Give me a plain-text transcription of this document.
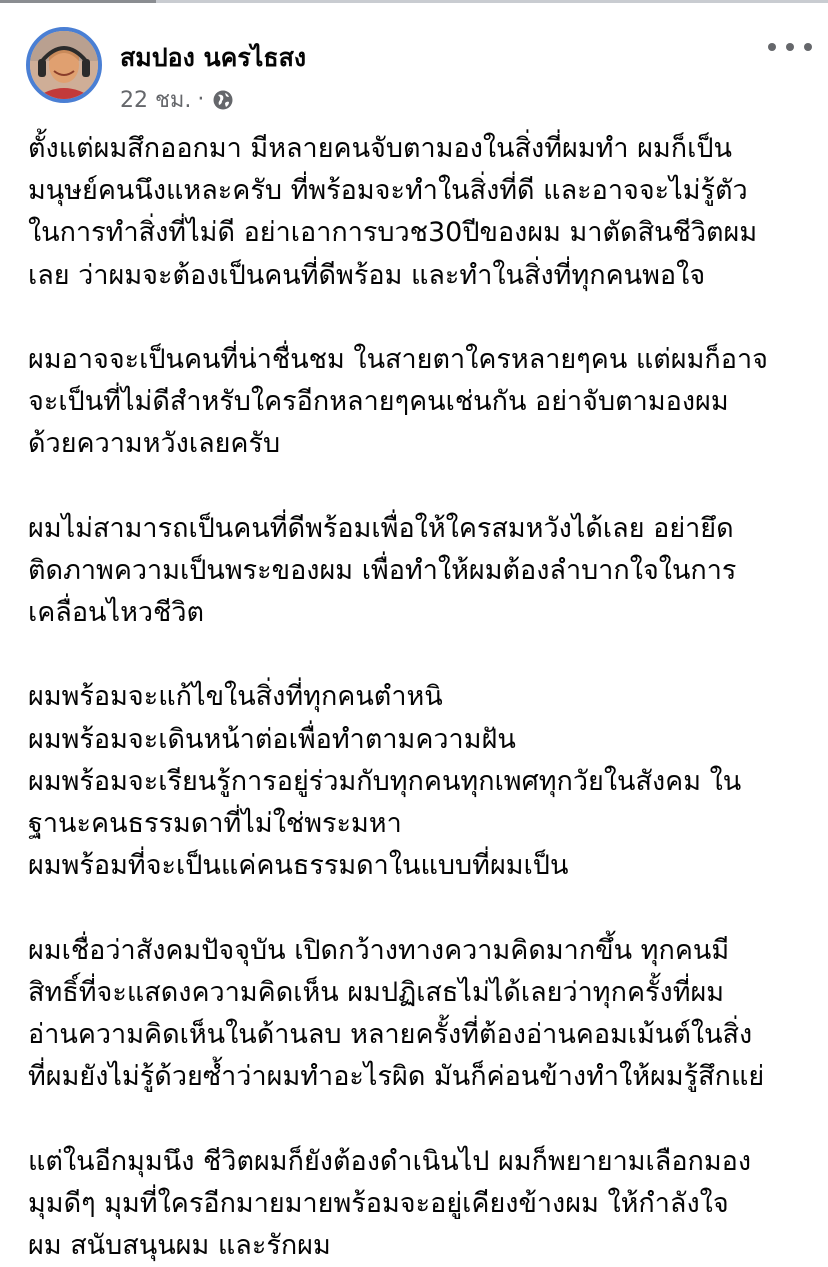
สมปอง นครไธสง
22 ชม. ·
ตั้งแต่ผมสึกออกมา มีหลายคนจับตามองในสิ่งที่ผมทำ ผมก็เป็น
มนุษย์คนนึงแหละครับ ที่พร้อมจะทำในสิ่งที่ดี และอาจจะไม่รู้ตัว
ในการทำสิ่งที่ไม่ดี อย่าเอาการบวช30ปีของผม มาตัดสินชีวิตผม
เลย ว่าผมจะต้องเป็นคนที่ดีพร้อม และทำในสิ่งที่ทุกคนพอใจ
ผมอาจจะเป็นคนที่น่าชื่นชม ในสายตาใครหลายๆคน แต่ผมก็อาจ
จะเป็นที่ไม่ดีสำหรับใครอีกหลายๆคนเช่นกัน อย่าจับตามองผม
ด้วยความหวังเลยครับ
ผมไม่สามารถเป็นคนที่ดีพร้อมเพื่อให้ใครสมหวังได้เลย อย่ายึด
ติดภาพความเป็นพระของผม เพื่อทำให้ผมต้องลำบากใจในการ
เคลื่อนไหวชีวิต
ผมพร้อมจะแก้ไขในสิ่งที่ทุกคนตำหนิ
ผมพร้อมจะเดินหน้าต่อเพื่อทำตามความฝัน
ผมพร้อมจะเรียนรู้การอยู่ร่วมกับทุกคนทุกเพศทุกวัยในสังคม ใน
ฐานะคนธรรมดาที่ไม่ใช่พระมหา
ผมพร้อมที่จะเป็นแค่คนธรรมดาในแบบที่ผมเป็น
ผมเชื่อว่าสังคมปัจจุบัน เปิดกว้างทางความคิดมากขึ้น ทุกคนมี
สิทธิ์ที่จะแสดงความคิดเห็น ผมปฏิเสธไม่ได้เลยว่าทุกครั้งที่ผม
อ่านความคิดเห็นในด้านลบ หลายครั้งที่ต้องอ่านคอมเม้นต์ในสิ่ง
ที่ผมยังไม่รู้ด้วยซ้ำว่าผมทำอะไรผิด มันก็ค่อนข้างทำให้ผมรู้สึกแย่
แต่ในอีกมุมนึง ชีวิตผมก็ยังต้องดำเนินไป ผมก็พยายามเลือกมอง
มุมดีๆ มุมที่ใครอีกมายมายพร้อมจะอยู่เคียงข้างผม ให้กำลังใจ
ผม สนับสนุนผม และรักผม
